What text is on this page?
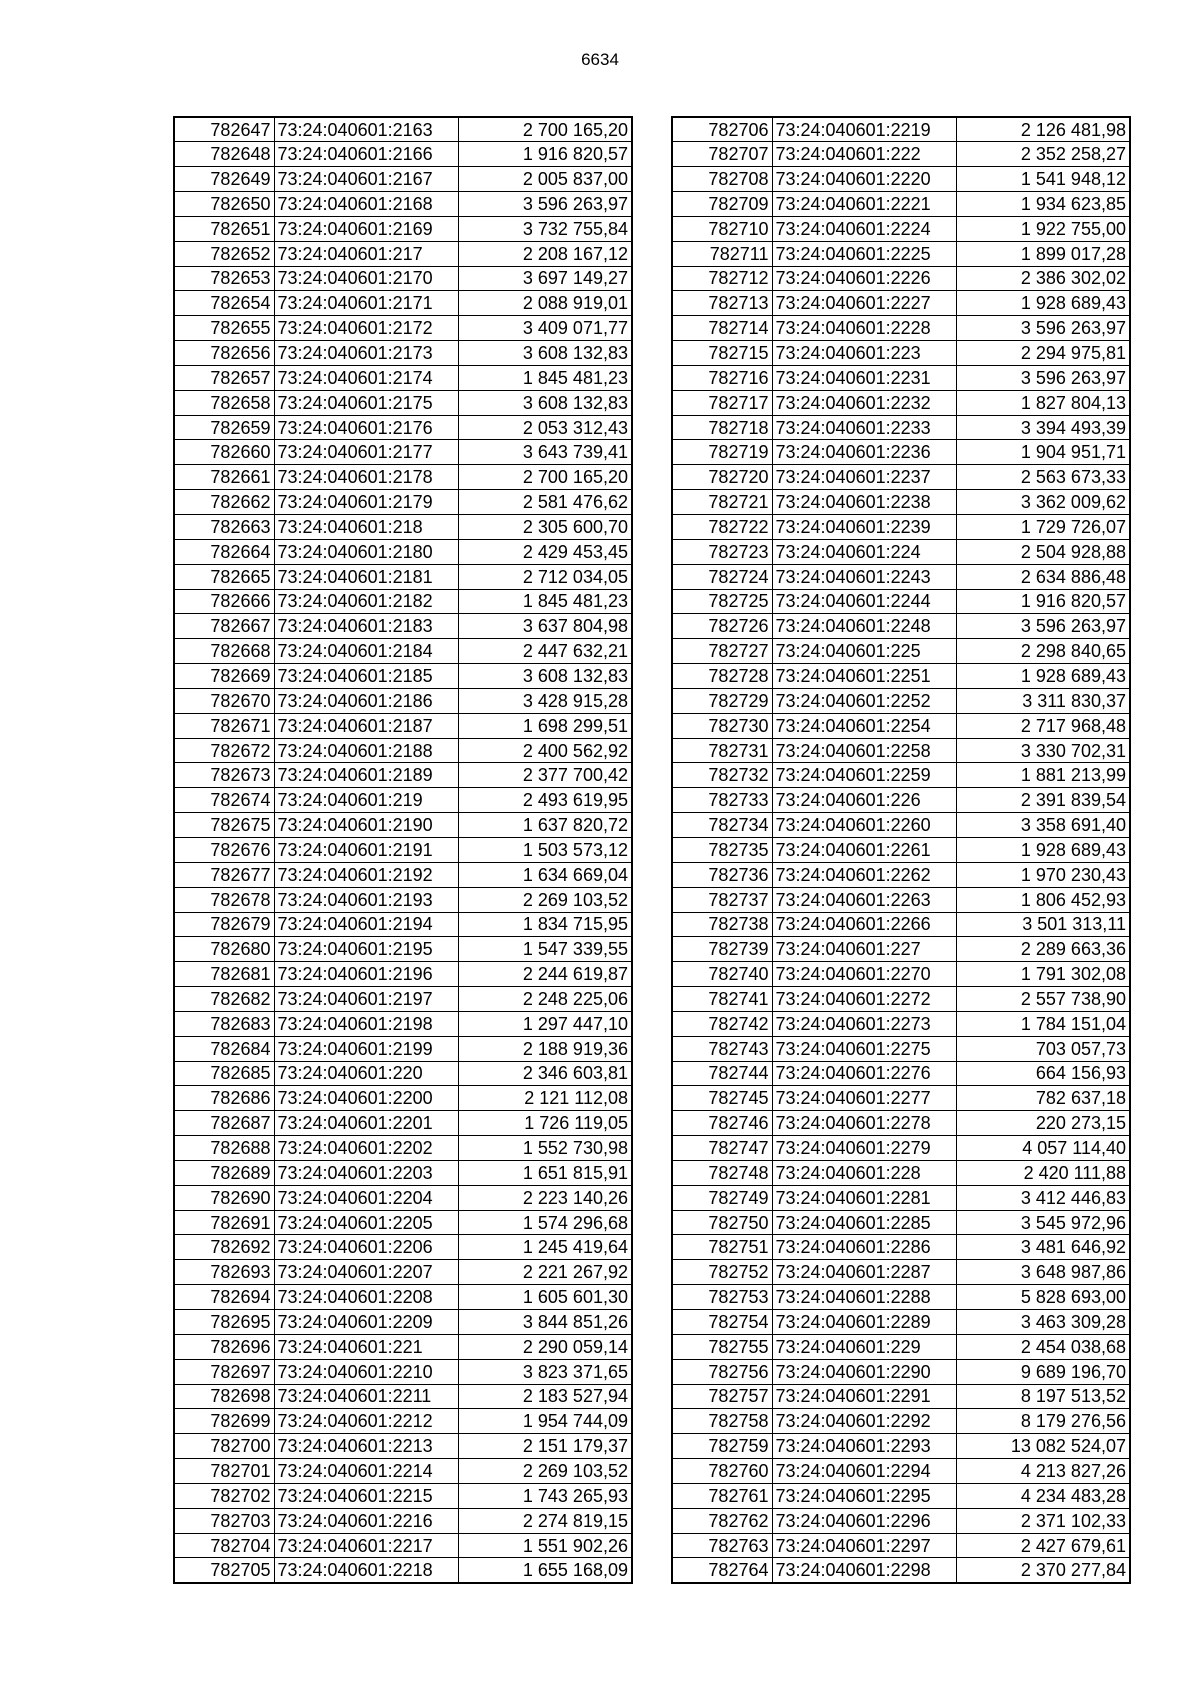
6634
782647	73:24:040601:2163	2 700 165,20
782648	73:24:040601:2166	1 916 820,57
782649	73:24:040601:2167	2 005 837,00
782650	73:24:040601:2168	3 596 263,97
782651	73:24:040601:2169	3 732 755,84
782652	73:24:040601:217	2 208 167,12
782653	73:24:040601:2170	3 697 149,27
782654	73:24:040601:2171	2 088 919,01
782655	73:24:040601:2172	3 409 071,77
782656	73:24:040601:2173	3 608 132,83
782657	73:24:040601:2174	1 845 481,23
782658	73:24:040601:2175	3 608 132,83
782659	73:24:040601:2176	2 053 312,43
782660	73:24:040601:2177	3 643 739,41
782661	73:24:040601:2178	2 700 165,20
782662	73:24:040601:2179	2 581 476,62
782663	73:24:040601:218	2 305 600,70
782664	73:24:040601:2180	2 429 453,45
782665	73:24:040601:2181	2 712 034,05
782666	73:24:040601:2182	1 845 481,23
782667	73:24:040601:2183	3 637 804,98
782668	73:24:040601:2184	2 447 632,21
782669	73:24:040601:2185	3 608 132,83
782670	73:24:040601:2186	3 428 915,28
782671	73:24:040601:2187	1 698 299,51
782672	73:24:040601:2188	2 400 562,92
782673	73:24:040601:2189	2 377 700,42
782674	73:24:040601:219	2 493 619,95
782675	73:24:040601:2190	1 637 820,72
782676	73:24:040601:2191	1 503 573,12
782677	73:24:040601:2192	1 634 669,04
782678	73:24:040601:2193	2 269 103,52
782679	73:24:040601:2194	1 834 715,95
782680	73:24:040601:2195	1 547 339,55
782681	73:24:040601:2196	2 244 619,87
782682	73:24:040601:2197	2 248 225,06
782683	73:24:040601:2198	1 297 447,10
782684	73:24:040601:2199	2 188 919,36
782685	73:24:040601:220	2 346 603,81
782686	73:24:040601:2200	2 121 112,08
782687	73:24:040601:2201	1 726 119,05
782688	73:24:040601:2202	1 552 730,98
782689	73:24:040601:2203	1 651 815,91
782690	73:24:040601:2204	2 223 140,26
782691	73:24:040601:2205	1 574 296,68
782692	73:24:040601:2206	1 245 419,64
782693	73:24:040601:2207	2 221 267,92
782694	73:24:040601:2208	1 605 601,30
782695	73:24:040601:2209	3 844 851,26
782696	73:24:040601:221	2 290 059,14
782697	73:24:040601:2210	3 823 371,65
782698	73:24:040601:2211	2 183 527,94
782699	73:24:040601:2212	1 954 744,09
782700	73:24:040601:2213	2 151 179,37
782701	73:24:040601:2214	2 269 103,52
782702	73:24:040601:2215	1 743 265,93
782703	73:24:040601:2216	2 274 819,15
782704	73:24:040601:2217	1 551 902,26
782705	73:24:040601:2218	1 655 168,09
782706	73:24:040601:2219	2 126 481,98
782707	73:24:040601:222	2 352 258,27
782708	73:24:040601:2220	1 541 948,12
782709	73:24:040601:2221	1 934 623,85
782710	73:24:040601:2224	1 922 755,00
782711	73:24:040601:2225	1 899 017,28
782712	73:24:040601:2226	2 386 302,02
782713	73:24:040601:2227	1 928 689,43
782714	73:24:040601:2228	3 596 263,97
782715	73:24:040601:223	2 294 975,81
782716	73:24:040601:2231	3 596 263,97
782717	73:24:040601:2232	1 827 804,13
782718	73:24:040601:2233	3 394 493,39
782719	73:24:040601:2236	1 904 951,71
782720	73:24:040601:2237	2 563 673,33
782721	73:24:040601:2238	3 362 009,62
782722	73:24:040601:2239	1 729 726,07
782723	73:24:040601:224	2 504 928,88
782724	73:24:040601:2243	2 634 886,48
782725	73:24:040601:2244	1 916 820,57
782726	73:24:040601:2248	3 596 263,97
782727	73:24:040601:225	2 298 840,65
782728	73:24:040601:2251	1 928 689,43
782729	73:24:040601:2252	3 311 830,37
782730	73:24:040601:2254	2 717 968,48
782731	73:24:040601:2258	3 330 702,31
782732	73:24:040601:2259	1 881 213,99
782733	73:24:040601:226	2 391 839,54
782734	73:24:040601:2260	3 358 691,40
782735	73:24:040601:2261	1 928 689,43
782736	73:24:040601:2262	1 970 230,43
782737	73:24:040601:2263	1 806 452,93
782738	73:24:040601:2266	3 501 313,11
782739	73:24:040601:227	2 289 663,36
782740	73:24:040601:2270	1 791 302,08
782741	73:24:040601:2272	2 557 738,90
782742	73:24:040601:2273	1 784 151,04
782743	73:24:040601:2275	703 057,73
782744	73:24:040601:2276	664 156,93
782745	73:24:040601:2277	782 637,18
782746	73:24:040601:2278	220 273,15
782747	73:24:040601:2279	4 057 114,40
782748	73:24:040601:228	2 420 111,88
782749	73:24:040601:2281	3 412 446,83
782750	73:24:040601:2285	3 545 972,96
782751	73:24:040601:2286	3 481 646,92
782752	73:24:040601:2287	3 648 987,86
782753	73:24:040601:2288	5 828 693,00
782754	73:24:040601:2289	3 463 309,28
782755	73:24:040601:229	2 454 038,68
782756	73:24:040601:2290	9 689 196,70
782757	73:24:040601:2291	8 197 513,52
782758	73:24:040601:2292	8 179 276,56
782759	73:24:040601:2293	13 082 524,07
782760	73:24:040601:2294	4 213 827,26
782761	73:24:040601:2295	4 234 483,28
782762	73:24:040601:2296	2 371 102,33
782763	73:24:040601:2297	2 427 679,61
782764	73:24:040601:2298	2 370 277,84
